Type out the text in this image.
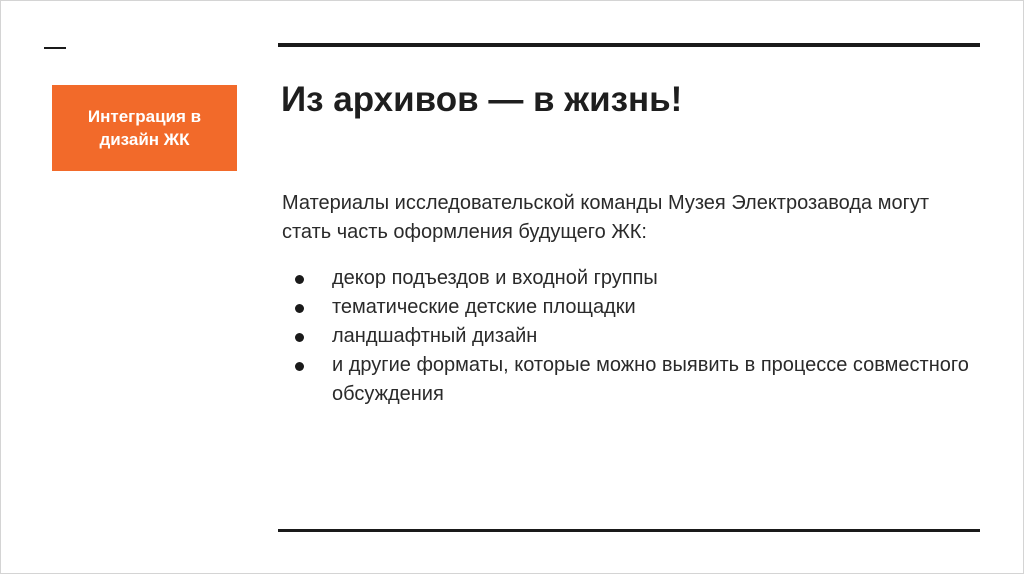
Интеграция в дизайн ЖК
Из архивов — в жизнь!

Материалы исследовательской команды Музея Электрозавода могут стать часть оформления будущего ЖК:

декор подъездов и входной группы
тематические детские площадки
ландшафтный дизайн
и другие форматы, которые можно выявить в процессе совместного обсуждения
